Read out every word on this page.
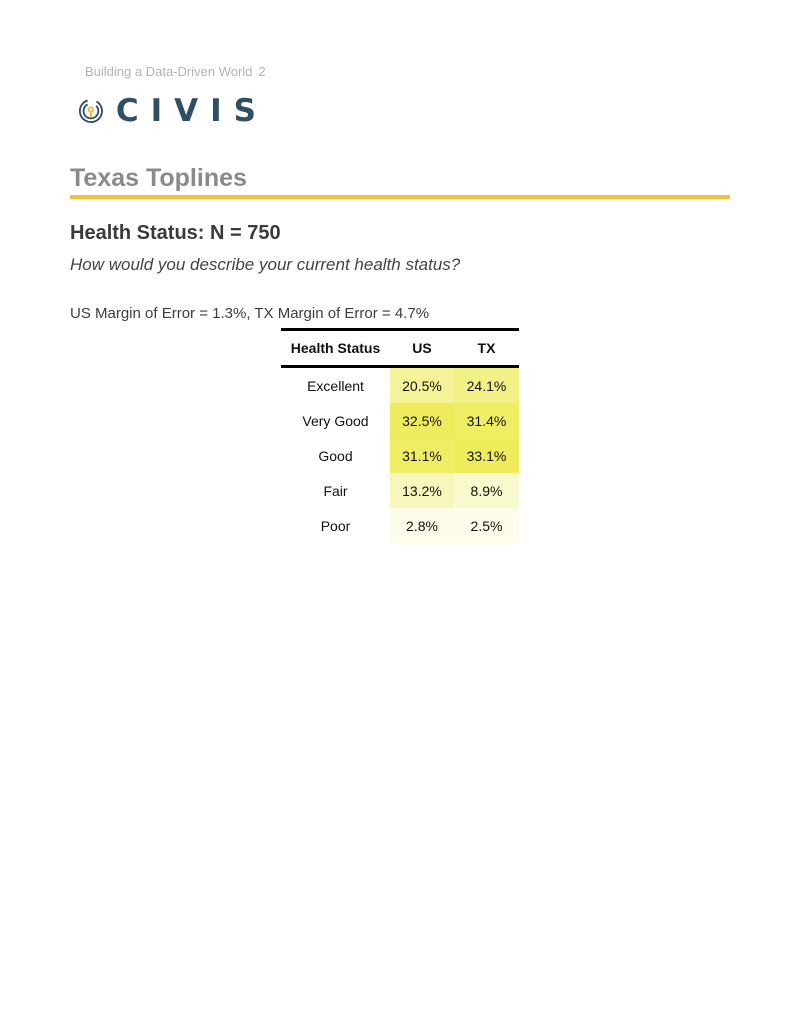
Building a Data-Driven World 2
CIVIS
Texas Toplines
Health Status: N = 750
How would you describe your current health status?
US Margin of Error = 1.3%, TX Margin of Error = 4.7%
Health Status	US	TX
Excellent	20.5%	24.1%
Very Good	32.5%	31.4%
Good	31.1%	33.1%
Fair	13.2%	8.9%
Poor	2.8%	2.5%
